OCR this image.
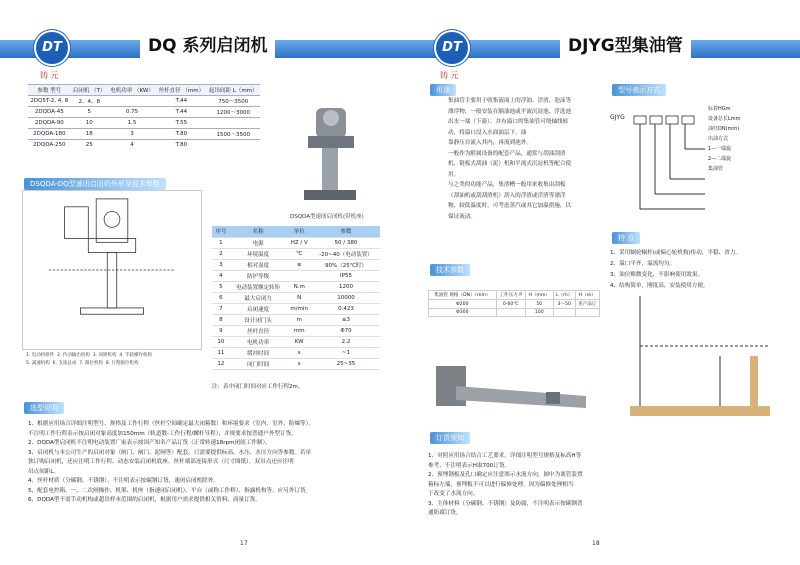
DT
铸 元
DQ 系列启闭机
参数 型号	启闭机 （T）	电机功率 （KW）	丝杆直径 （mm）	起吊间距 L（mm）
2DQ5T-2, 4, 8	2、4、8		T.44	750～3500
2DQDA-45	5	0.75	T.44	1200～3000
2DQDA-90	10	1.5	T.55	
2DQDA-180	18	3	T.80	1500～3500
2DQDA-250	25	4	T.80	
DSQDA型速闭启闭机(带机座)
DSQDA-DQ型速闭启闭机外形及技术参数
1. 电动机组件 2. 传动输出机构 3. 闭锁机构 4. 手轮操作机构
5. 减速机构 6. 支座总成 7. 限位机构 8. 行程限位机构
序号	名称	单位	参数
1	电源	HZ / V	50 / 380
2	环境温度	℃	-20~40（电动装置）
3	相对湿度	≤	90%（25℃时）
4	防护等级		IP55
5	电动装置额定转矩	N.m	1200
6	最大启闭力	N	10000
7	启闭速度	m/min	0.423
8	设计闭门头	m	≤3
9	丝杆直径	mm	Φ70
10	电机功率	KW	2.2
11	缓冲时间	s	~1
12	闭门时间	s	25~35
注：表中闭门时间对应工作行程2m。
选型说明

1、根据应用场合详细注明型号、规格及工作行程（丝杆空间确定最大闭箱数）和环境要求（室内、室外、防爆等）。

不注明工作行程表示按启闭对象高度加150mm（轨道数-工作行程/螺杆导程），并规要求按普通户外型订货。

2、DQDA型启闭机不注明电动装置厂家表示按国产知名产品订货（正常转速18rpm闭间工作制）。

3、启闭机与本公司生产的启闭对象（闸门、闸门、泥闸等）配套，只需要提供标高、水压、水压方向等参数。若单

独订购启闭机，还应注明工作行程、动态安装启闭机底座、丝杆端部连接形式（尺寸图纸），双吊点还应注明

吊点间距L。

4、丝杆材质（分碳钢、不锈钢），不注明表示按碳钢订货，速闭启闭机除外。

5、配套电控箱、一、二次闸操作、机架、机座（指速闭启闭机）、平台（或称工作桥）、指露机构等。应另外订货。

6、DQDA型不需手动机构或超出样本范围的启闭机，根据用户需求提供相关资料、商量订货。

17
DT
铸 元
DJYG型集油管
用途	型号表示方式
特 点
技术参数
订货须知
18

集油管主要用于收集液面上的浮油、浮渣、泡沫等漂浮物，一般安装在隔油池或平流沉淀池、浮选池出水一端（下游），并有溢口的集油管可绕轴线转动，将溢口没入水面油层下，油

靠静压自流入其内，再流到池外。

一般作为附属设备的配套产品，通常与刮油刮渣机、链板式刮油（泥）机和平流式沉淀机等配合使用。

与之类似功能产品，集渣槽一般用来收集由刮板（刮油机或刮刮渣机）刮入的浮渣或浮渣等漂浮物，较低温度时，可考虑蒸汽或其它加温措施，以保证流动。

GJYG

标着HGm

设备总长Lmm

油径DN(mm)

出油方式

1—一端旋

2—二端旋

集油管

1、采用蜗轮蜗杆(或偏心轮机构)传动，平稳、省力。

2、溢口平齐，溢流均匀。

3、油位略微变化，不影响使用效果。

4、结构简单，刚度高，安装使用方便。

集油管 规格（DN）（mm）	工作压力 P	H（mm）	L（m）	H（m）
Φ200	0-60℃	50	3～50	见产品订
Φ300		100		

1、对照应用场合结合工艺要求，详细注明型号规格及标高H等

参考，不注明表示H取700订货。

2、预埋钢板及孔口确定应注意图示水流方向，图中为离管装置

箱标左端，预埋板不可以进行偏修处理，因为偏修处理相当

于改变了水流方向。

3、主体材料（分碳钢、不锈钢）及防腐，不注明表示按碳钢普

通防腐订货。
